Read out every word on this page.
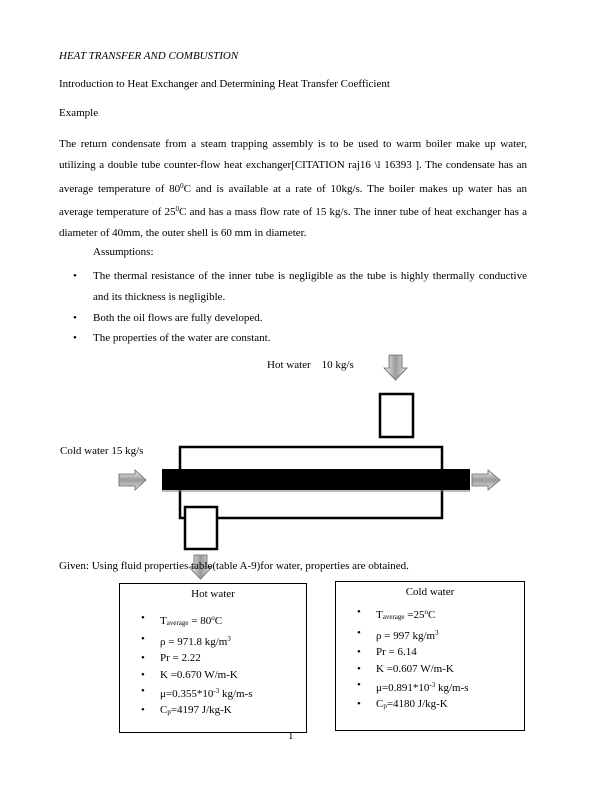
HEAT TRANSFER AND COMBUSTION
Introduction to Heat Exchanger and Determining Heat Transfer Coefficient
Example
The return condensate from a steam trapping assembly is to be used to warm boiler make up water, utilizing a double tube counter-flow heat exchanger[CITATION raj16 \l 16393 ]. The condensate has an average temperature of $80^0C$ and is available at a rate of 10kg/s. The boiler makes up water has an average temperature of $25^0C$ and has a mass flow rate of 15 kg/s. The inner tube of heat exchanger has a diameter of 40mm, the outer shell is 60 mm in diameter.
Assumptions:
• The thermal resistance of the inner tube is negligible as the tube is highly thermally conductive and its thickness is negligible.
• Both the oil flows are fully developed.
• The properties of the water are constant.
Hot water    10 kg/s
Cold water 15 kg/s
Given: Using fluid properties table(table A-9)for water, properties are obtained.
Hot water
• Taverage = $80^oC$
• ρ = 971.8 $kg/m^3$
• Pr = 2.22
• K =0.670 W/m-K
• $\mu=0.355*10^{-3}$ kg/m-s
• Cp=4197 J/kg-K
Cold water
• Taverage $=25^oC$
• ρ = 997 $kg/m^3$
• Pr = 6.14
• K =0.607 W/m-K
• $\mu=0.891*10^{-3}$ kg/m-s
• Cp=4180 J/kg-K
1
